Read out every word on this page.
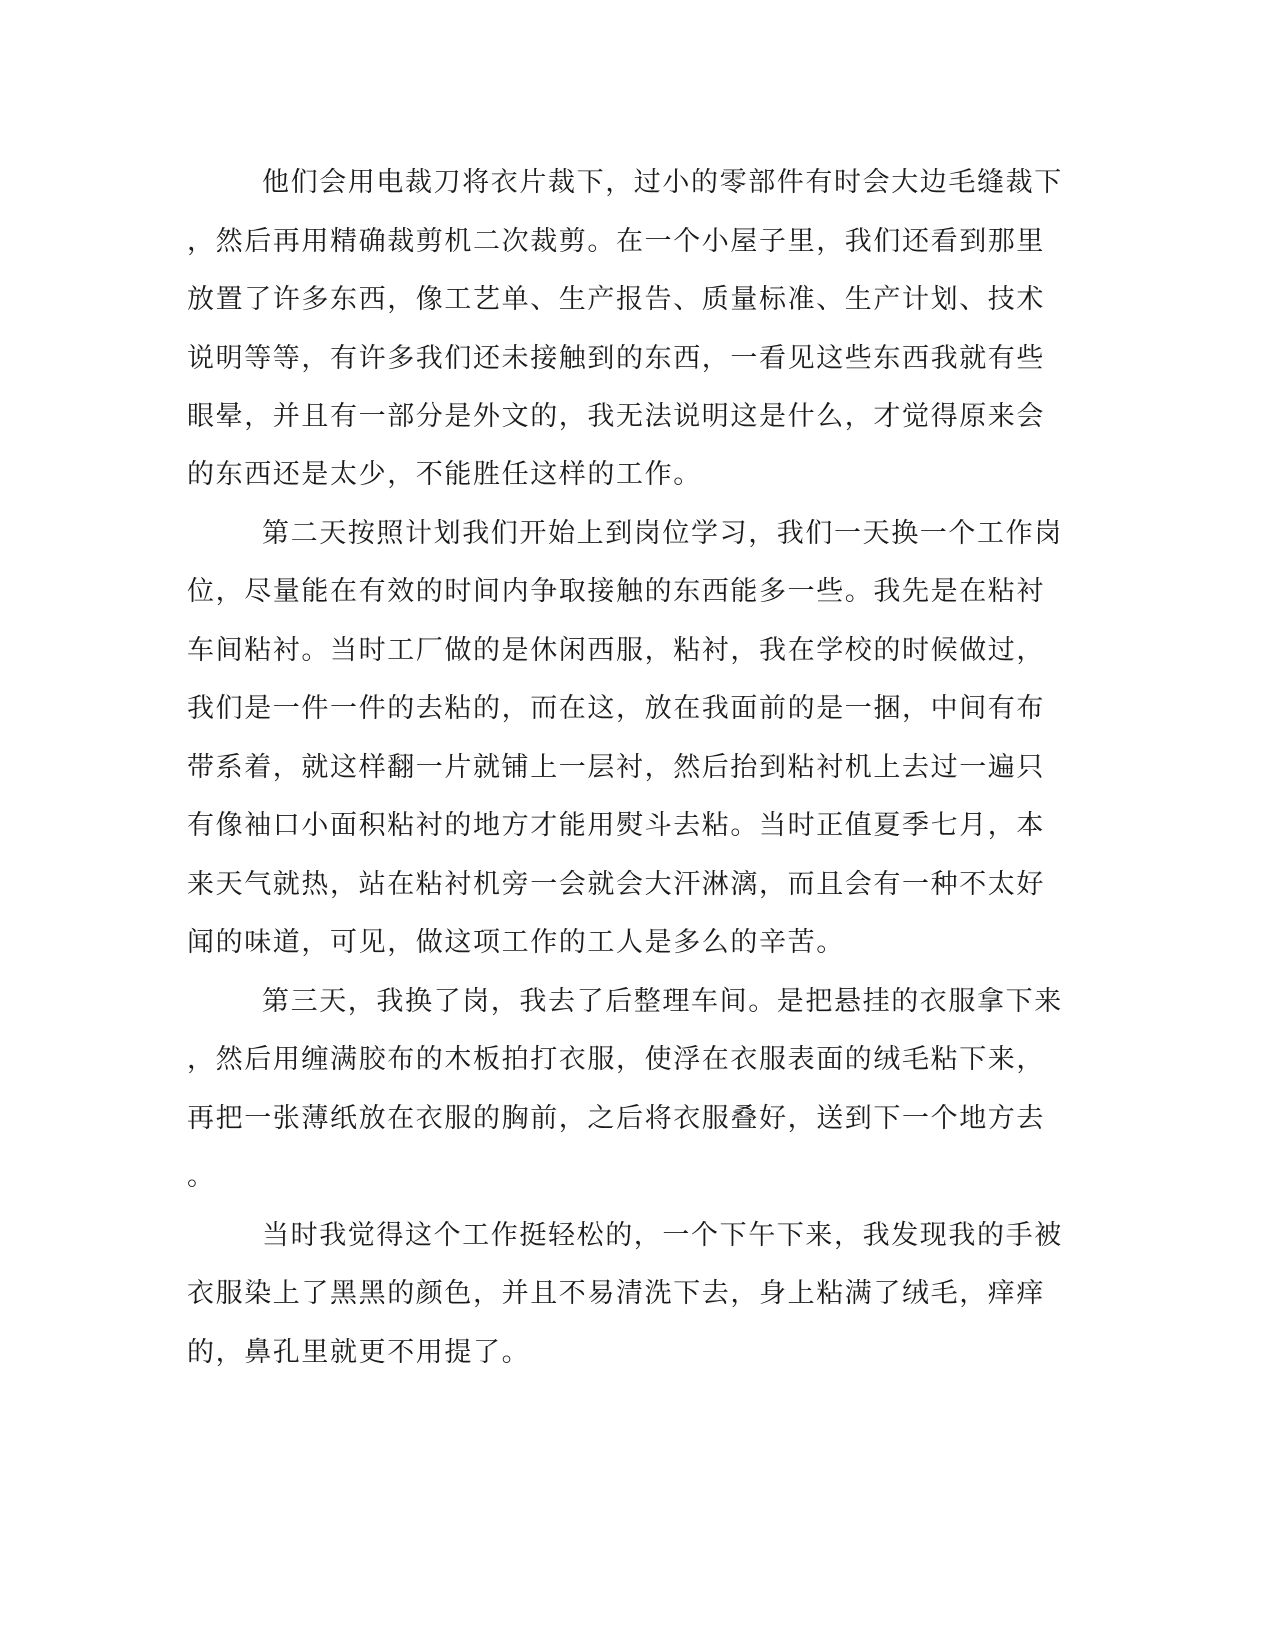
他们会用电裁刀将衣片裁下，过小的零部件有时会大边毛缝裁下
，然后再用精确裁剪机二次裁剪。在一个小屋子里，我们还看到那里
放置了许多东西，像工艺单、生产报告、质量标准、生产计划、技术
说明等等，有许多我们还未接触到的东西，一看见这些东西我就有些
眼晕，并且有一部分是外文的，我无法说明这是什么，才觉得原来会
的东西还是太少，不能胜任这样的工作。
第二天按照计划我们开始上到岗位学习，我们一天换一个工作岗
位，尽量能在有效的时间内争取接触的东西能多一些。我先是在粘衬
车间粘衬。当时工厂做的是休闲西服，粘衬，我在学校的时候做过，
我们是一件一件的去粘的，而在这，放在我面前的是一捆，中间有布
带系着，就这样翻一片就铺上一层衬，然后抬到粘衬机上去过一遍只
有像袖口小面积粘衬的地方才能用熨斗去粘。当时正值夏季七月，本
来天气就热，站在粘衬机旁一会就会大汗淋漓，而且会有一种不太好
闻的味道，可见，做这项工作的工人是多么的辛苦。
第三天，我换了岗，我去了后整理车间。是把悬挂的衣服拿下来
，然后用缠满胶布的木板拍打衣服，使浮在衣服表面的绒毛粘下来，
再把一张薄纸放在衣服的胸前，之后将衣服叠好，送到下一个地方去
。
当时我觉得这个工作挺轻松的，一个下午下来，我发现我的手被
衣服染上了黑黑的颜色，并且不易清洗下去，身上粘满了绒毛，痒痒
的，鼻孔里就更不用提了。
